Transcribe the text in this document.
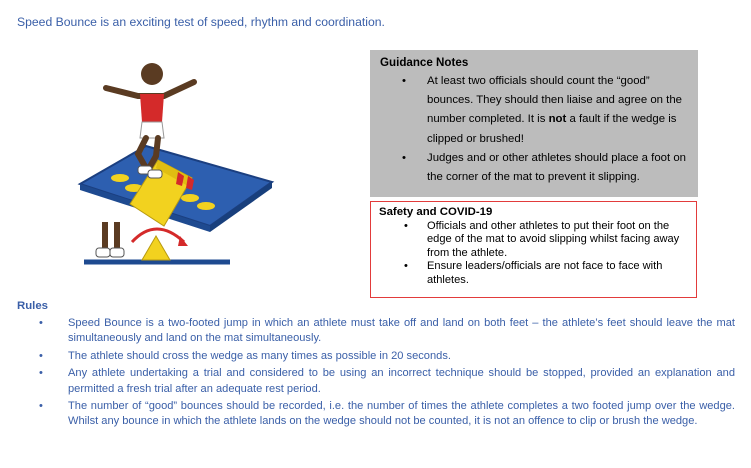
Speed Bounce is an exciting test of speed, rhythm and coordination.
Guidance Notes
• At least two officials should count the “good” bounces. They should then liaise and agree on the number completed. It is not a fault if the wedge is clipped or brushed!
• Judges and or other athletes should place a foot on the corner of the mat to prevent it slipping.
Safety and COVID-19
• Officials and other athletes to put their foot on the edge of the mat to avoid slipping whilst facing away from the athlete.
• Ensure leaders/officials are not face to face with athletes.
Rules
• Speed Bounce is a two-footed jump in which an athlete must take off and land on both feet – the athlete’s feet should leave the mat simultaneously and land on the mat simultaneously.
• The athlete should cross the wedge as many times as possible in 20 seconds.
• Any athlete undertaking a trial and considered to be using an incorrect technique should be stopped, provided an explanation and permitted a fresh trial after an adequate rest period.
• The number of “good” bounces should be recorded, i.e. the number of times the athlete completes a two footed jump over the wedge. Whilst any bounce in which the athlete lands on the wedge should not be counted, it is not an offence to clip or brush the wedge.
